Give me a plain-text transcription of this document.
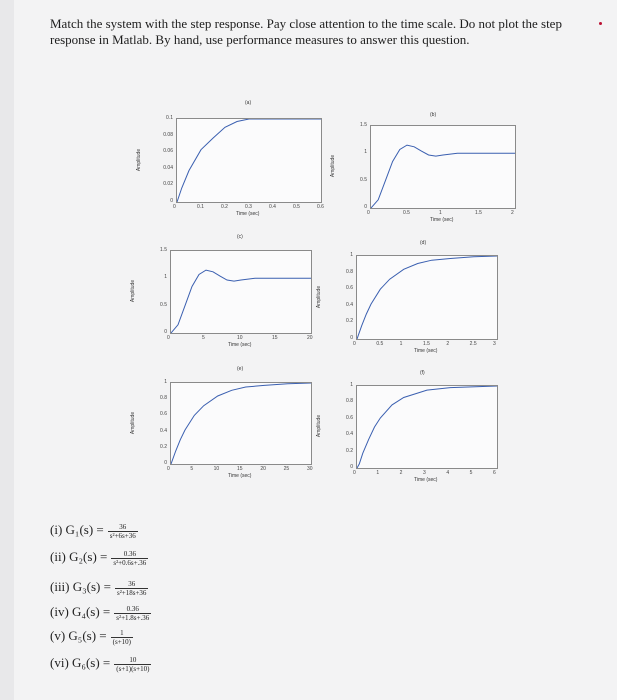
Match the system with the step response. Pay close attention to the time scale. Do not plot the step response in Matlab. By hand, use performance measures to answer this question.
(a)
0	0.1	0.2	0.3	0.4	0.5	0.6
0
0.02
0.04
0.06
0.08
0.1
Time (sec)
Amplitude
(b)
0	0.5	1	1.5	2
0
0.5
1
1.5
Time (sec)
Amplitude
(c)
0	5	10	15	20
0
0.5
1
1.5
Time (sec)
Amplitude
(d)
0	0.5	1	1.5	2	2.5	3
0
0.2
0.4
0.6
0.8
1
Time (sec)
Amplitude
(e)
0	5	10	15	20	25	30
0
0.2
0.4
0.6
0.8
1
Time (sec)
Amplitude
(f)
0	1	2	3	4	5	6
0
0.2
0.4
0.6
0.8
1
Time (sec)
Amplitude
(i) $G_1(s) = \frac{36}{\text{s²+6s+36}}$
(ii) $G_2(s) = \frac{0.36}{\text{s²+0.6s+.36}}$
(iii) $G_3(s) = \frac{36}{\text{s²+18s+36}}$
(iv) $G_4(s) = \frac{0.36}{\text{s²+1.8s+.36}}$
(v) $G_5(s) = \frac{1}{(s+10)}$
(vi) $G_6(s) = \frac{10}{(s+1)(s+10)}$
